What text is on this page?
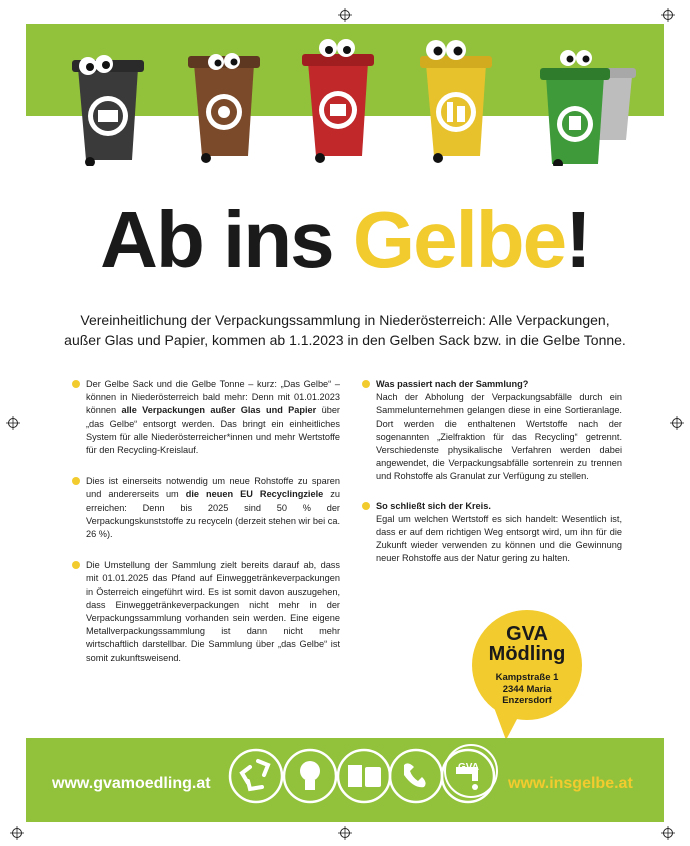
Ab ins Gelbe!
Vereinheitlichung der Verpackungssammlung in Niederösterreich: Alle Verpackungen,
außer Glas und Papier, kommen ab 1.1.2023 in den Gelben Sack bzw. in die Gelbe Tonne.

Der Gelbe Sack und die Gelbe Tonne – kurz: „Das Gelbe“ – können in Niederösterreich bald mehr: Denn mit 01.01.2023 können alle Verpackungen außer Glas und Papier über „das Gelbe“ entsorgt werden. Das bringt ein einheitliches System für alle Niederösterreicher*innen und mehr Wertstoffe für den Recycling-Kreislauf.

Dies ist einerseits notwendig um neue Rohstoffe zu sparen und andererseits um die neuen EU Recyclingziele zu erreichen: Denn bis 2025 sind 50 % der Verpackungskunststoffe zu recyceln (derzeit stehen wir bei ca. 26 %).

Die Umstellung der Sammlung zielt bereits darauf ab, dass mit 01.01.2025 das Pfand auf Einweggetränkeverpackungen in Österreich eingeführt wird. Es ist somit davon auszugehen, dass Einweggetränkeverpackungen nicht mehr in der Verpackungssammlung vorhanden sein werden. Eine eigene Metallverpackungssammlung ist dann nicht mehr wirtschaftlich darstellbar. Die Sammlung über „das Gelbe“ ist somit zukunftsweisend.

Was passiert nach der Sammlung?
Nach der Abholung der Verpackungsabfälle durch ein Sammelunternehmen gelangen diese in eine Sortieranlage. Dort werden die enthaltenen Wertstoffe nach der sogenannten „Zielfraktion für das Recycling“ getrennt. Verschiedenste physikalische Verfahren werden dabei angewendet, die Verpackungsabfälle sortenrein zu trennen und Rohstoffe als Granulat zur Verfügung zu stellen.

So schließt sich der Kreis.
Egal um welchen Wertstoff es sich handelt: Wesentlich ist, dass er auf dem richtigen Weg entsorgt wird, um ihn für die Zukunft wieder verwenden zu können und die Gewinnung neuer Rohstoffe aus der Natur gering zu halten.

GVA
Mödling
Kampstraße 1
2344 Maria
Enzersdorf
www.gvamoedling.at	www.insgelbe.at
GVA
